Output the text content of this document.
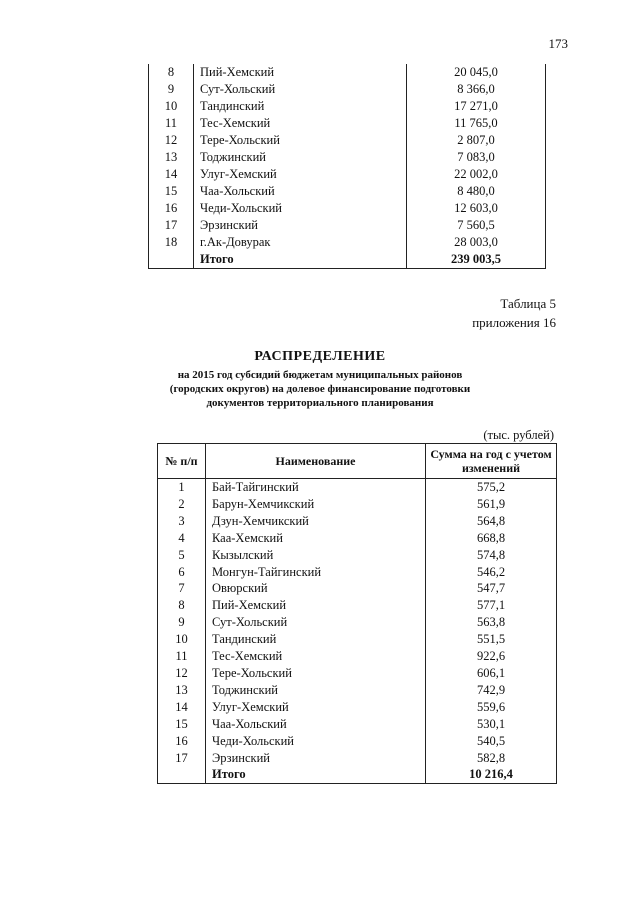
173
8	Пий-Хемский	20 045,0
9	Сут-Хольский	8 366,0
10	Тандинский	17 271,0
11	Тес-Хемский	11 765,0
12	Тере-Хольский	2 807,0
13	Тоджинский	7 083,0
14	Улуг-Хемский	22 002,0
15	Чаа-Хольский	8 480,0
16	Чеди-Хольский	12 603,0
17	Эрзинский	7 560,5
18	г.Ак-Довурак	28 003,0
	Итого	239 003,5
Таблица 5
приложения 16
РАСПРЕДЕЛЕНИЕ
на 2015 год субсидий бюджетам муниципальных районов (городских округов) на долевое финансирование подготовки документов территориального планирования
(тыс. рублей)
№ п/п	Наименование	Сумма на год с учетом изменений
1	Бай-Тайгинский	575,2
2	Барун-Хемчикский	561,9
3	Дзун-Хемчикский	564,8
4	Каа-Хемский	668,8
5	Кызылский	574,8
6	Монгун-Тайгинский	546,2
7	Овюрский	547,7
8	Пий-Хемский	577,1
9	Сут-Хольский	563,8
10	Тандинский	551,5
11	Тес-Хемский	922,6
12	Тере-Хольский	606,1
13	Тоджинский	742,9
14	Улуг-Хемский	559,6
15	Чаа-Хольский	530,1
16	Чеди-Хольский	540,5
17	Эрзинский	582,8
	Итого	10 216,4
